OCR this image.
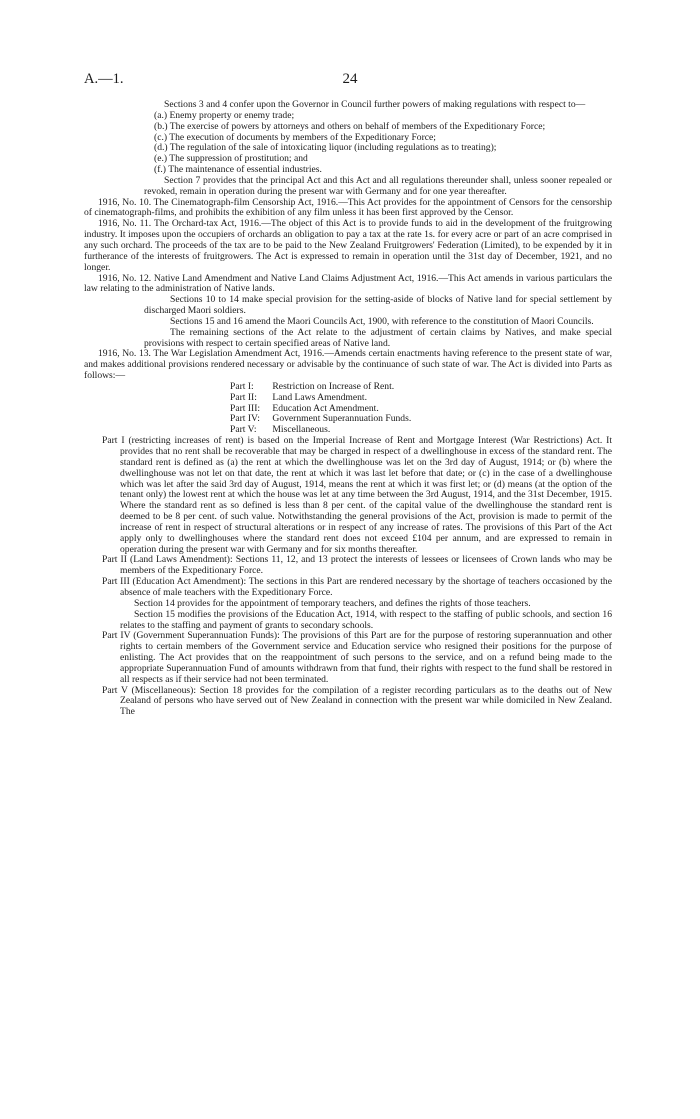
A.—1.	24

Sections 3 and 4 confer upon the Governor in Council further powers of making regulations with respect to—

(a.) Enemy property or enemy trade;

(b.) The exercise of powers by attorneys and others on behalf of members of the Expeditionary Force;

(c.) The execution of documents by members of the Expeditionary Force;

(d.) The regulation of the sale of intoxicating liquor (including regulations as to treating);

(e.) The suppression of prostitution; and

(f.) The maintenance of essential industries.

Section 7 provides that the principal Act and this Act and all regulations thereunder shall, unless sooner repealed or revoked, remain in operation during the present war with Germany and for one year thereafter.

1916, No. 10. The Cinematograph-film Censorship Act, 1916.—This Act provides for the appointment of Censors for the censorship of cinematograph-films, and prohibits the exhibition of any film unless it has been first approved by the Censor.

1916, No. 11. The Orchard-tax Act, 1916.—The object of this Act is to provide funds to aid in the development of the fruitgrowing industry. It imposes upon the occupiers of orchards an obligation to pay a tax at the rate 1s. for every acre or part of an acre comprised in any such orchard. The proceeds of the tax are to be paid to the New Zealand Fruitgrowers' Federation (Limited), to be expended by it in furtherance of the interests of fruitgrowers. The Act is expressed to remain in operation until the 31st day of December, 1921, and no longer.

1916, No. 12. Native Land Amendment and Native Land Claims Adjustment Act, 1916.—This Act amends in various particulars the law relating to the administration of Native lands.

Sections 10 to 14 make special provision for the setting-aside of blocks of Native land for special settlement by discharged Maori soldiers.

Sections 15 and 16 amend the Maori Councils Act, 1900, with reference to the constitution of Maori Councils.

The remaining sections of the Act relate to the adjustment of certain claims by Natives, and make special provisions with respect to certain specified areas of Native land.

1916, No. 13. The War Legislation Amendment Act, 1916.—Amends certain enactments having reference to the present state of war, and makes additional provisions rendered necessary or advisable by the continuance of such state of war. The Act is divided into Parts as follows:—

Part I: Restriction on Increase of Rent.
Part II: Land Laws Amendment.
Part III: Education Act Amendment.
Part IV: Government Superannuation Funds.
Part V: Miscellaneous.

Part I (restricting increases of rent) is based on the Imperial Increase of Rent and Mortgage Interest (War Restrictions) Act. It provides that no rent shall be recoverable that may be charged in respect of a dwellinghouse in excess of the standard rent. The standard rent is defined as (a) the rent at which the dwellinghouse was let on the 3rd day of August, 1914; or (b) where the dwellinghouse was not let on that date, the rent at which it was last let before that date; or (c) in the case of a dwellinghouse which was let after the said 3rd day of August, 1914, means the rent at which it was first let; or (d) means (at the option of the tenant only) the lowest rent at which the house was let at any time between the 3rd August, 1914, and the 31st December, 1915. Where the standard rent as so defined is less than 8 per cent. of the capital value of the dwellinghouse the standard rent is deemed to be 8 per cent. of such value. Notwithstanding the general provisions of the Act, provision is made to permit of the increase of rent in respect of structural alterations or in respect of any increase of rates. The provisions of this Part of the Act apply only to dwellinghouses where the standard rent does not exceed £104 per annum, and are expressed to remain in operation during the present war with Germany and for six months thereafter.

Part II (Land Laws Amendment): Sections 11, 12, and 13 protect the interests of lessees or licensees of Crown lands who may be members of the Expeditionary Force.

Part III (Education Act Amendment): The sections in this Part are rendered necessary by the shortage of teachers occasioned by the absence of male teachers with the Expeditionary Force.

Section 14 provides for the appointment of temporary teachers, and defines the rights of those teachers.

Section 15 modifies the provisions of the Education Act, 1914, with respect to the staffing of public schools, and section 16 relates to the staffing and payment of grants to secondary schools.

Part IV (Government Superannuation Funds): The provisions of this Part are for the purpose of restoring superannuation and other rights to certain members of the Government service and Education service who resigned their positions for the purpose of enlisting. The Act provides that on the reappointment of such persons to the service, and on a refund being made to the appropriate Superannuation Fund of amounts withdrawn from that fund, their rights with respect to the fund shall be restored in all respects as if their service had not been terminated.

Part V (Miscellaneous): Section 18 provides for the compilation of a register recording particulars as to the deaths out of New Zealand of persons who have served out of New Zealand in connection with the present war while domiciled in New Zealand. The
